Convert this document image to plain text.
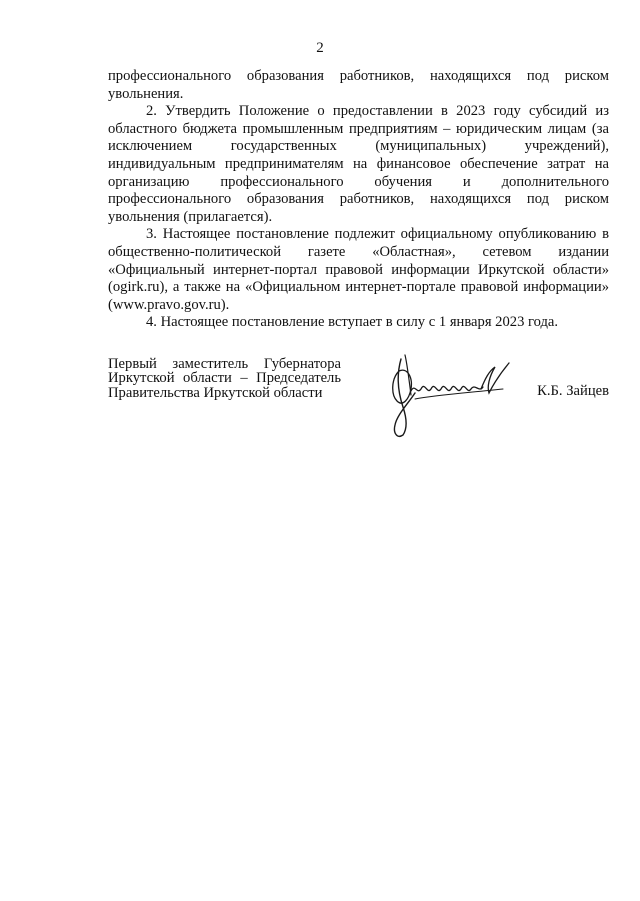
2

профессионального образования работников, находящихся под риском увольнения.

2. Утвердить Положение о предоставлении в 2023 году субсидий из областного бюджета промышленным предприятиям – юридическим лицам (за исключением государственных (муниципальных) учреждений), индивидуальным предпринимателям на финансовое обеспечение затрат на организацию профессионального обучения и дополнительного профессионального образования работников, находящихся под риском увольнения (прилагается).

3. Настоящее постановление подлежит официальному опубликованию в общественно-политической газете «Областная», сетевом издании «Официальный интернет-портал правовой информации Иркутской области» (ogirk.ru), а также на «Официальном интернет-портале правовой информации» (www.pravo.gov.ru).

4. Настоящее постановление вступает в силу с 1 января 2023 года.

Первый заместитель Губернатора
Иркутской области – Председатель
Правительства Иркутской области	К.Б. Зайцев
